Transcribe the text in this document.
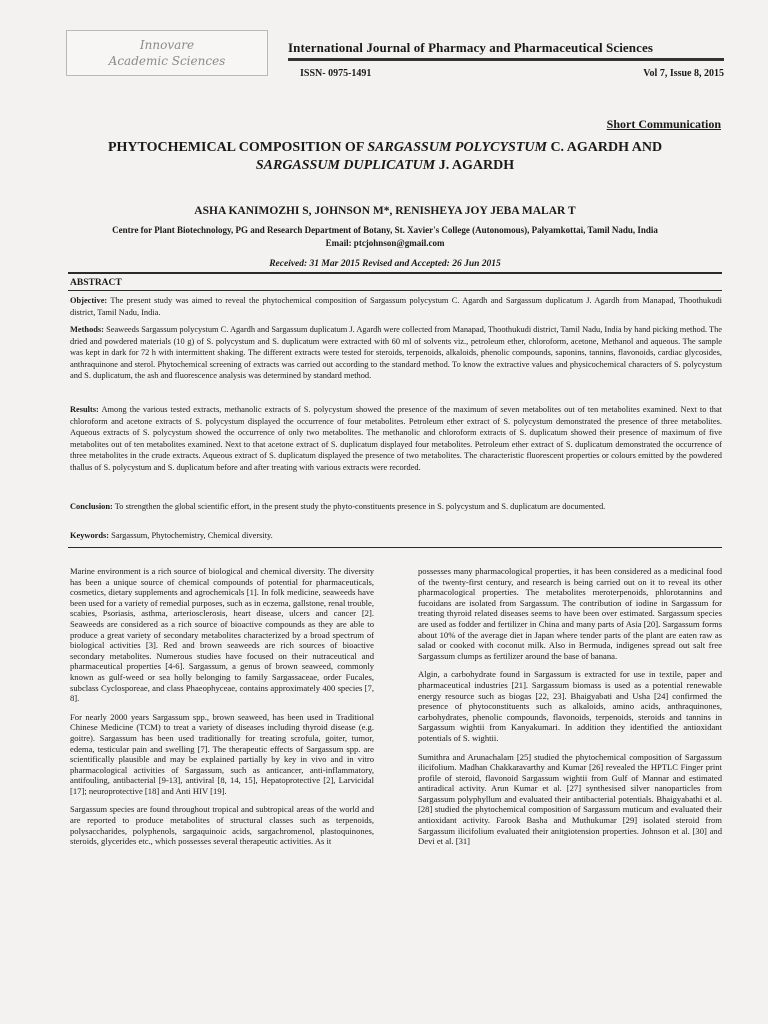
Innovare
Academic Sciences
International Journal of Pharmacy and Pharmaceutical Sciences
ISSN- 0975-1491	Vol 7, Issue 8, 2015
Short Communication
PHYTOCHEMICAL COMPOSITION OF SARGASSUM POLYCYSTUM C. AGARDH AND SARGASSUM DUPLICATUM J. AGARDH
ASHA KANIMOZHI S, JOHNSON M*, RENISHEYA JOY JEBA MALAR T
Centre for Plant Biotechnology, PG and Research Department of Botany, St. Xavier's College (Autonomous), Palyamkottai, Tamil Nadu, India
Email: ptcjohnson@gmail.com
Received: 31 Mar 2015 Revised and Accepted: 26 Jun 2015
ABSTRACT
Objective: The present study was aimed to reveal the phytochemical composition of Sargassum polycystum C. Agardh and Sargassum duplicatum J. Agardh from Manapad, Thoothukudi district, Tamil Nadu, India.
Methods: Seaweeds Sargassum polycystum C. Agardh and Sargassum duplicatum J. Agardh were collected from Manapad, Thoothukudi district, Tamil Nadu, India by hand picking method. The dried and powdered materials (10 g) of S. polycystum and S. duplicatum were extracted with 60 ml of solvents viz., petroleum ether, chloroform, acetone, Methanol and aqueous. The sample was kept in dark for 72 h with intermittent shaking. The different extracts were tested for steroids, terpenoids, alkaloids, phenolic compounds, saponins, tannins, flavonoids, cardiac glycosides, anthraquinone and sterol. Phytochemical screening of extracts was carried out according to the standard method. To know the extractive values and physicochemical characters of S. polycystum and S. duplicatum, the ash and fluorescence analysis was determined by standard method.
Results: Among the various tested extracts, methanolic extracts of S. polycystum showed the presence of the maximum of seven metabolites out of ten metabolites examined. Next to that chloroform and acetone extracts of S. polycystum displayed the occurrence of four metabolites. Petroleum ether extract of S. polycystum demonstrated the presence of three metabolites. Aqueous extracts of S. polycystum showed the occurrence of only two metabolites. The methanolic and chloroform extracts of S. duplicatum showed their presence of maximum of five metabolites out of ten metabolites examined. Next to that acetone extract of S. duplicatum displayed four metabolites. Petroleum ether extract of S. duplicatum demonstrated the occurrence of three metabolites in the crude extracts. Aqueous extract of S. duplicatum displayed the presence of two metabolites. The characteristic fluorescent properties or colours emitted by the powdered thallus of S. polycystum and S. duplicatum before and after treating with various extracts were recorded.
Conclusion: To strengthen the global scientific effort, in the present study the phyto-constituents presence in S. polycystum and S. duplicatum are documented.
Keywords: Sargassum, Phytochemistry, Chemical diversity.

Marine environment is a rich source of biological and chemical diversity. The diversity has been a unique source of chemical compounds of potential for pharmaceuticals, cosmetics, dietary supplements and agrochemicals [1]. In folk medicine, seaweeds have been used for a variety of remedial purposes, such as in eczema, gallstone, renal trouble, scabies, Psoriasis, asthma, arteriosclerosis, heart disease, ulcers and cancer [2]. Seaweeds are considered as a rich source of bioactive compounds as they are able to produce a great variety of secondary metabolites characterized by a broad spectrum of biological activities [3]. Red and brown seaweeds are rich sources of bioactive secondary metabolites. Numerous studies have focused on their nutraceutical and pharmaceutical properties [4-6]. Sargassum, a genus of brown seaweed, commonly known as gulf-weed or sea holly belonging to family Sargassaceae, order Fucales, subclass Cyclosporeae, and class Phaeophyceae, contains approximately 400 species [7, 8].

For nearly 2000 years Sargassum spp., brown seaweed, has been used in Traditional Chinese Medicine (TCM) to treat a variety of diseases including thyroid disease (e.g. goitre). Sargassum has been used traditionally for treating scrofula, goiter, tumor, edema, testicular pain and swelling [7]. The therapeutic effects of Sargassum spp. are scientifically plausible and may be explained partially by key in vivo and in vitro pharmacological activities of Sargassum, such as anticancer, anti-inflammatory, antifouling, antibacterial [9-13], antiviral [8, 14, 15], Hepatoprotective [2], Larvicidal [17]; neuroprotective [18] and Anti HIV [19].

Sargassum species are found throughout tropical and subtropical areas of the world and are reported to produce metabolites of structural classes such as terpenoids, polysaccharides, polyphenols, sargaquinoic acids, sargachromenol, plastoquinones, steroids, glycerides etc., which possesses several therapeutic activities. As it

possesses many pharmacological properties, it has been considered as a medicinal food of the twenty-first century, and research is being carried out on it to reveal its other pharmacological properties. The metabolites meroterpenoids, phlorotannins and fucoidans are isolated from Sargassum. The contribution of iodine in Sargassum for treating thyroid related diseases seems to have been over estimated. Sargassum species are used as fodder and fertilizer in China and many parts of Asia [20]. Sargassum forms about 10% of the average diet in Japan where tender parts of the plant are eaten raw as salad or cooked with coconut milk. Also in Bermuda, indigenes spread out salt free Sargassum clumps as fertilizer around the base of banana.

Algin, a carbohydrate found in Sargassum is extracted for use in textile, paper and pharmaceutical industries [21]. Sargassum biomass is used as a potential renewable energy resource such as biogas [22, 23]. Bhaigyabati and Usha [24] confirmed the presence of phytoconstituents such as alkaloids, amino acids, anthraquinones, carbohydrates, phenolic compounds, flavonoids, terpenoids, steroids and tannins in Sargassum wightii from Kanyakumari. In addition they identified the antioxidant potentials of S. wightii.

Sumithra and Arunachalam [25] studied the phytochemical composition of Sargassum ilicifolium. Madhan Chakkaravarthy and Kumar [26] revealed the HPTLC Finger print profile of steroid, flavonoid Sargassum wightii from Gulf of Mannar and estimated antiradical activity. Arun Kumar et al. [27] synthesised silver nanoparticles from Sargassum polyphyllum and evaluated their antibacterial potentials. Bhaigyabathi et al. [28] studied the phytochemical composition of Sargassum muticum and evaluated their antioxidant activity. Farook Basha and Muthukumar [29] isolated steroid from Sargassum ilicifolium evaluated their anitgiotension properties. Johnson et al. [30] and Devi et al. [31]
